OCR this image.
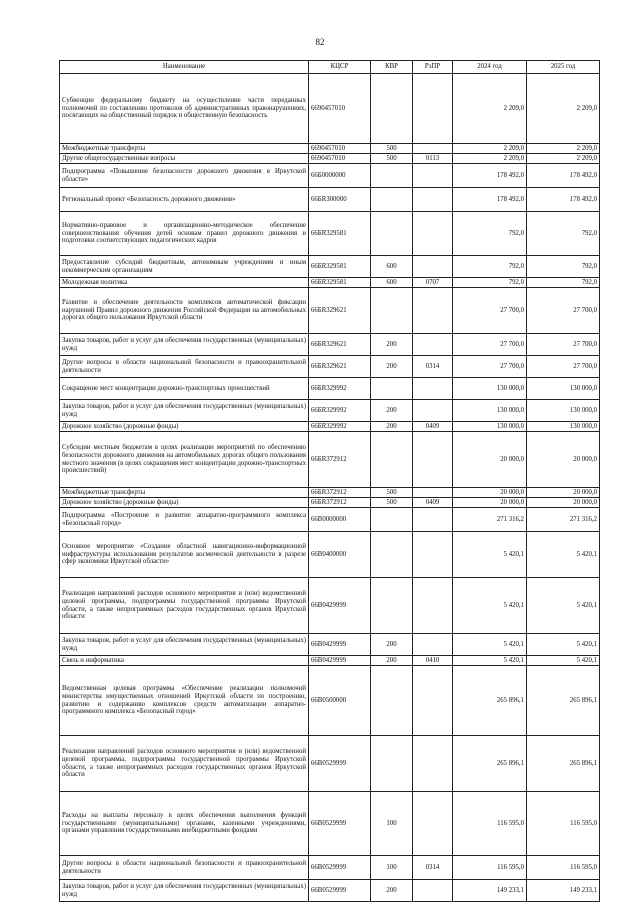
82
Наименование	КЦСР	КВР	РзПР	2024 год	2025 год
Субвенции федеральному бюджету на осуществление части переданных полномочий по составлению протоколов об административных правонарушениях, посягающих на общественный порядок и общественную безопасность	6690457010			2 209,0	2 209,0
Межбюджетные трансферты	6690457010	500		2 209,0	2 209,0
Другие общегосударственные вопросы	6690457010	500	0113	2 209,0	2 209,0
Подпрограмма «Повышение безопасности дорожного движения в Иркутской области»	66Б0000000			178 492,0	178 492,0
Региональный проект «Безопасность дорожного движения»	66БR300000			178 492,0	178 492,0
Нормативно-правовое и организационно-методическое обеспечение совершенствования обучения детей основам правил дорожного движения и подготовки соответствующих педагогических кадров	66БR329581			792,0	792,0
Предоставление субсидий бюджетным, автономным учреждениям и иным некоммерческим организациям	66БR329581	600		792,0	792,0
Молодежная политика	66БR329581	600	0707	792,0	792,0
Развитие и обеспечение деятельности комплексов автоматической фиксации нарушений Правил дорожного движения Российской Федерации на автомобильных дорогах общего пользования Иркутской области	66БR329621			27 700,0	27 700,0
Закупка товаров, работ и услуг для обеспечения государственных (муниципальных) нужд	66БR329621	200		27 700,0	27 700,0
Другие вопросы в области национальной безопасности и правоохранительной деятельности	66БR329621	200	0314	27 700,0	27 700,0
Сокращение мест концентрации дорожно-транспортных происшествий	66БR329992			130 000,0	130 000,0
Закупка товаров, работ и услуг для обеспечения государственных (муниципальных) нужд	66БR329992	200		130 000,0	130 000,0
Дорожное хозяйство (дорожные фонды)	66БR329992	200	0409	130 000,0	130 000,0
Субсидии местным бюджетам в целях реализации мероприятий по обеспечению безопасности дорожного движения на автомобильных дорогах общего пользования местного значения (в целях сокращения мест концентрации дорожно-транспортных происшествий)	66БR372912			20 000,0	20 000,0
Межбюджетные трансферты	66БR372912	500		20 000,0	20 000,0
Дорожное хозяйство (дорожные фонды)	66БR372912	500	0409	20 000,0	20 000,0
Подпрограмма «Построение и развитие аппаратно-программного комплекса «Безопасный город»	66В0000000			271 316,2	271 316,2
Основное мероприятие «Создание областной навигационно-информационной инфраструктуры использования результатов космической деятельности в разрезе сфер экономики Иркутской области»	66В0400000			5 420,1	5 420,1
Реализация направлений расходов основного мероприятия и (или) ведомственной целевой программы, подпрограммы государственной программы Иркутской области, а также непрограммных расходов государственных органов Иркутской области	66В0429999			5 420,1	5 420,1
Закупка товаров, работ и услуг для обеспечения государственных (муниципальных) нужд	66В0429999	200		5 420,1	5 420,1
Связь и информатика	66В0429999	200	0410	5 420,1	5 420,1
Ведомственная целевая программа «Обеспечение реализации полномочий министерства имущественных отношений Иркутской области по построению, развитию и содержанию комплексов средств автоматизации аппаратно-программного комплекса «Безопасный город»	66В0500000			265 896,1	265 896,1
Реализация направлений расходов основного мероприятия и (или) ведомственной целевой программы, подпрограммы государственной программы Иркутской области, а также непрограммных расходов государственных органов Иркутской области	66В0529999			265 896,1	265 896,1
Расходы на выплаты персоналу в целях обеспечения выполнения функций государственными (муниципальными) органами, казенными учреждениями, органами управления государственными внебюджетными фондами	66В0529999	100		116 595,0	116 595,0
Другие вопросы в области национальной безопасности и правоохранительной деятельности	66В0529999	100	0314	116 595,0	116 595,0
Закупка товаров, работ и услуг для обеспечения государственных (муниципальных) нужд	66В0529999	200		149 233,1	149 233,1
